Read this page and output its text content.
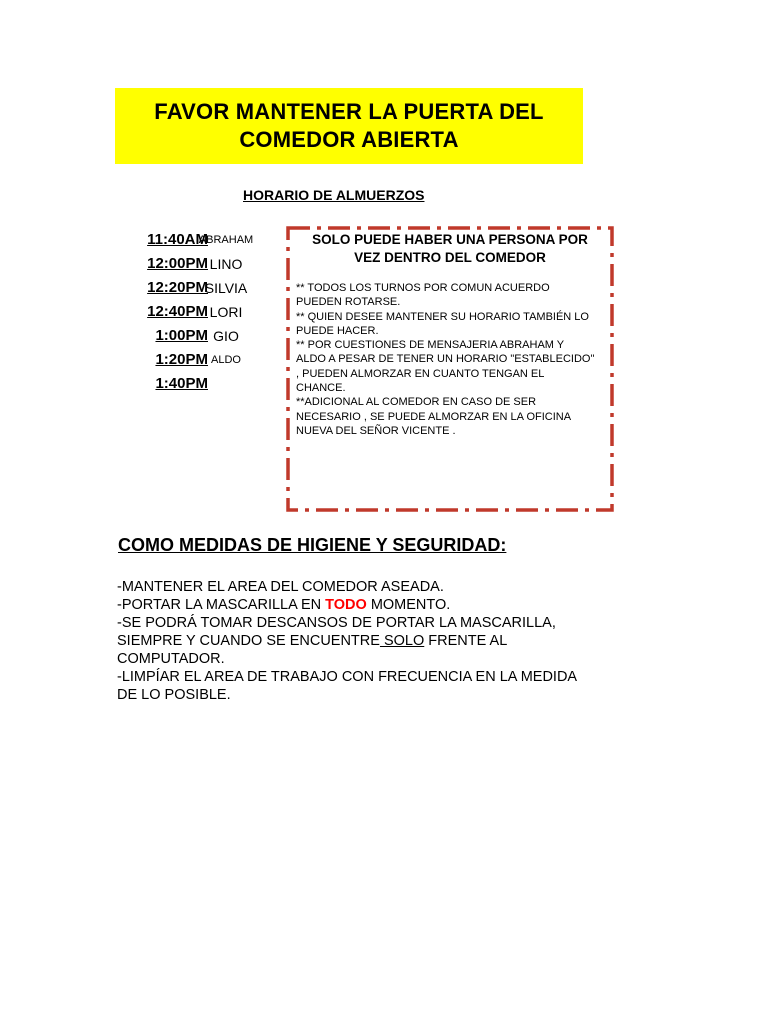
FAVOR MANTENER LA PUERTA DEL
COMEDOR ABIERTA
HORARIO DE ALMUERZOS
11:40AM
ABRAHAM
12:00PM LINO
12:20PM
SILVIA
12:40PM LORI
1:00PM GIO
1:20PM ALDO
1:40PM
SOLO PUEDE HABER UNA PERSONA POR
VEZ DENTRO DEL COMEDOR
** TODOS LOS TURNOS POR COMUN ACUERDO
PUEDEN ROTARSE.
** QUIEN DESEE MANTENER SU HORARIO TAMBIÉN LO
PUEDE HACER.
** POR CUESTIONES DE MENSAJERIA ABRAHAM Y
ALDO A PESAR DE TENER UN HORARIO "ESTABLECIDO"
, PUEDEN ALMORZAR EN CUANTO TENGAN EL
CHANCE.
**ADICIONAL AL COMEDOR EN CASO DE SER
NECESARIO , SE PUEDE ALMORZAR EN LA OFICINA
NUEVA DEL SEÑOR VICENTE .
COMO MEDIDAS DE HIGIENE Y SEGURIDAD:
-MANTENER EL AREA DEL COMEDOR ASEADA.
-PORTAR LA MASCARILLA EN TODO MOMENTO.
-SE PODRÁ TOMAR DESCANSOS DE PORTAR LA MASCARILLA,
SIEMPRE Y CUANDO SE ENCUENTRE SOLO FRENTE AL
COMPUTADOR.
-LIMPÍAR EL AREA DE TRABAJO CON FRECUENCIA EN LA MEDIDA
DE LO POSIBLE.
